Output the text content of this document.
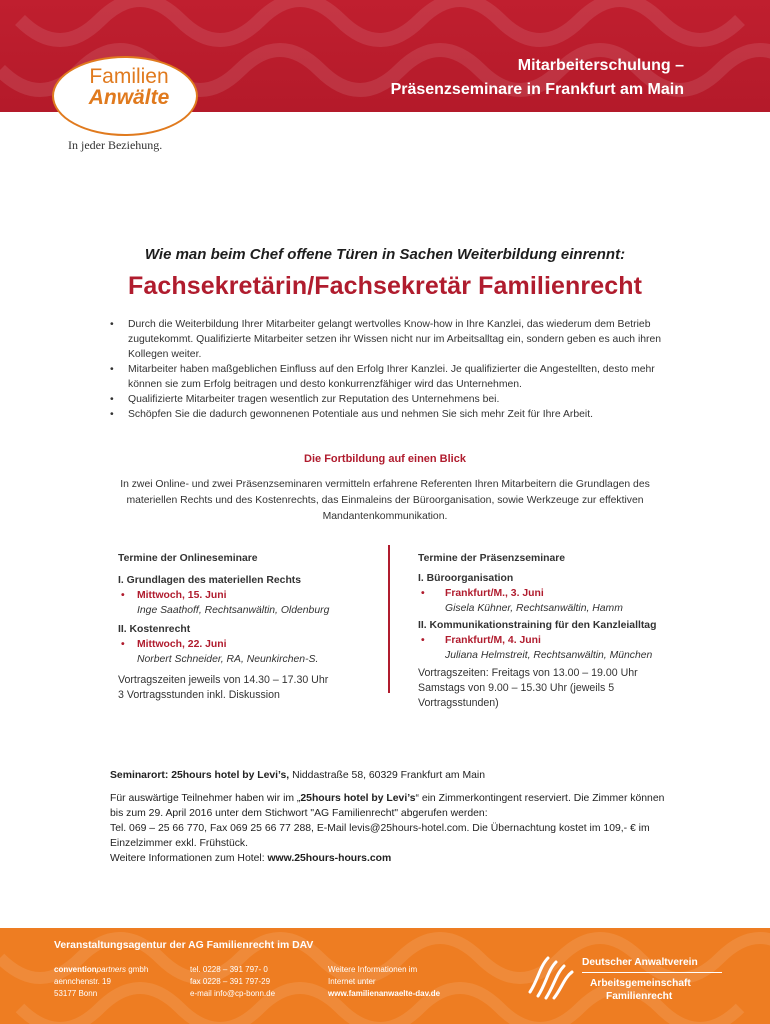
Mitarbeiterschulung –
Präsenzseminare in Frankfurt am Main
Familien
Anwälte
In jeder Beziehung.
Wie man beim Chef offene Türen in Sachen Weiterbildung einrennt:
Fachsekretärin/Fachsekretär Familienrecht
• Durch die Weiterbildung Ihrer Mitarbeiter gelangt wertvolles Know-how in Ihre Kanzlei, das wiederum dem Betrieb zugutekommt. Qualifizierte Mitarbeiter setzen ihr Wissen nicht nur im Arbeitsalltag ein, sondern geben es auch ihren Kollegen weiter.
• Mitarbeiter haben maßgeblichen Einfluss auf den Erfolg Ihrer Kanzlei. Je qualifizierter die Angestellten, desto mehr können sie zum Erfolg beitragen und desto konkurrenzfähiger wird das Unternehmen.
• Qualifizierte Mitarbeiter tragen wesentlich zur Reputation des Unternehmens bei.
• Schöpfen Sie die dadurch gewonnenen Potentiale aus und nehmen Sie sich mehr Zeit für Ihre Arbeit.
Die Fortbildung auf einen Blick
In zwei Online- und zwei Präsenzseminaren vermitteln erfahrene Referenten Ihren Mitarbeitern die Grundlagen des materiellen Rechts und des Kostenrechts, das Einmaleins der Büroorganisation, sowie Werkzeuge zur effektiven Mandantenkommunikation.
Termine der Onlineseminare
I. Grundlagen des materiellen Rechts
• Mittwoch, 15. Juni
Inge Saathoff, Rechtsanwältin, Oldenburg
II. Kostenrecht
• Mittwoch, 22. Juni
Norbert Schneider, RA, Neunkirchen-S.
Vortragszeiten jeweils von 14.30 – 17.30 Uhr
3 Vortragsstunden inkl. Diskussion
Termine der Präsenzseminare
I. Büroorganisation
• Frankfurt/M., 3. Juni
Gisela Kühner, Rechtsanwältin, Hamm
II. Kommunikationstraining für den Kanzleialltag
• Frankfurt/M, 4. Juni
Juliana Helmstreit, Rechtsanwältin, München
Vortragszeiten: Freitags von 13.00 – 19.00 Uhr
Samstags von 9.00 – 15.30 Uhr (jeweils 5
Vortragsstunden)

Seminarort: 25hours hotel by Levi’s, Niddastraße 58, 60329 Frankfurt am Main

Für auswärtige Teilnehmer haben wir im „25hours hotel by Levi’s“ ein Zimmerkontingent reserviert. Die Zimmer können bis zum 29. April 2016 unter dem Stichwort "AG Familienrecht" abgerufen werden:
Tel. 069 – 25 66 770, Fax 069 25 66 77 288, E-Mail levis@25hours-hotel.com. Die Übernachtung kostet im 109,- € im Einzelzimmer exkl. Frühstück.
Weitere Informationen zum Hotel: www.25hours-hours.com

Veranstaltungsagentur der AG Familienrecht im DAV
conventionpartners gmbh
aennchenstr. 19
53177 Bonn
tel. 0228 – 391 797- 0
fax 0228 – 391 797-29
e-mail info@cp-bonn.de
Weitere Informationen im
Internet unter
www.familienanwaelte-dav.de
Deutscher Anwaltverein
Arbeitsgemeinschaft
Familienrecht
